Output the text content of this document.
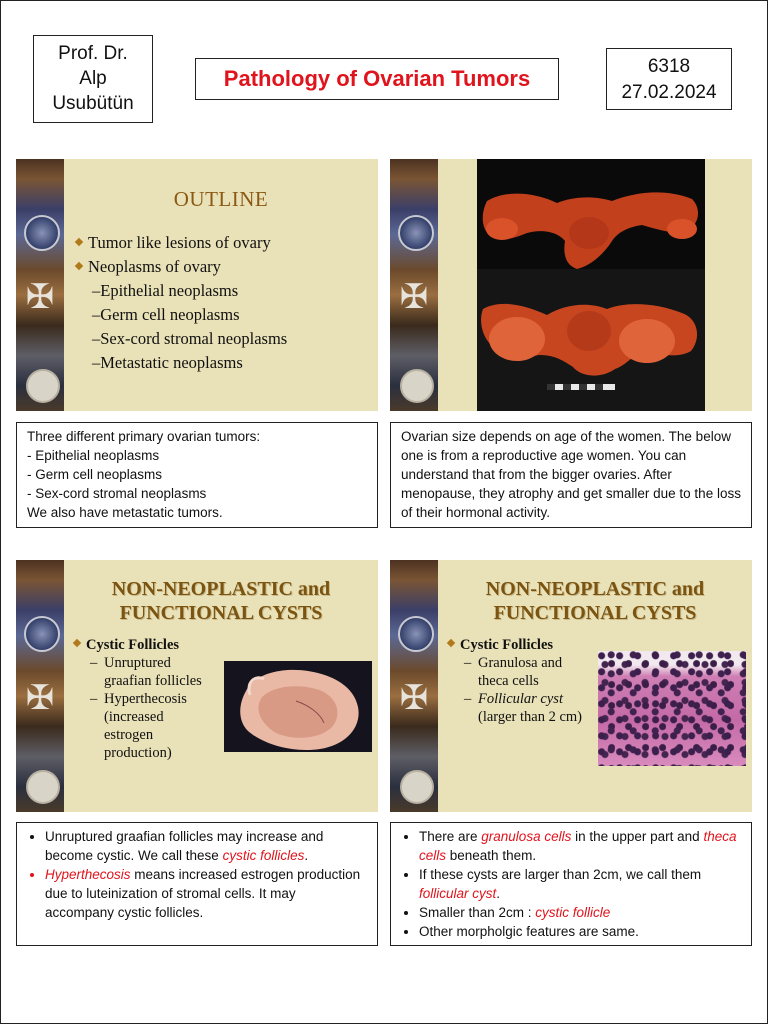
Prof. Dr.
Alp
Usubütün
Pathology of Ovarian Tumors	6318
27.02.2024
✠
OUTLINE
Tumor like lesions of ovary
Neoplasms of ovary
–Epithelial neoplasms
–Germ cell neoplasms
–Sex-cord stromal neoplasms
–Metastatic neoplasms
✠
Three different primary ovarian tumors:
- Epithelial neoplasms
- Germ cell neoplasms
- Sex-cord stromal neoplasms
We also have metastatic tumors.
Ovarian size depends on age of the women. The below one is from a reproductive age women. You can understand that from the bigger ovaries. After menopause, they atrophy and get smaller due to the loss of their hormonal activity.
✠
NON-NEOPLASTIC and
FUNCTIONAL CYSTS
Cystic Follicles
– Unruptured graafian follicles
– Hyperthecosis (increased estrogen production)
✠
NON-NEOPLASTIC and
FUNCTIONAL CYSTS
Cystic Follicles
– Granulosa and theca cells
– Follicular cyst (larger than 2 cm)
• Unruptured graafian follicles may increase and become cystic. We call these cystic follicles.
• Hyperthecosis means increased estrogen production due to luteinization of stromal cells. It may accompany cystic follicles.
• There are granulosa cells in the upper part and theca cells beneath them.
• If these cysts are larger than 2cm, we call them follicular cyst.
• Smaller than 2cm : cystic follicle
• Other morpholgic features are same.
